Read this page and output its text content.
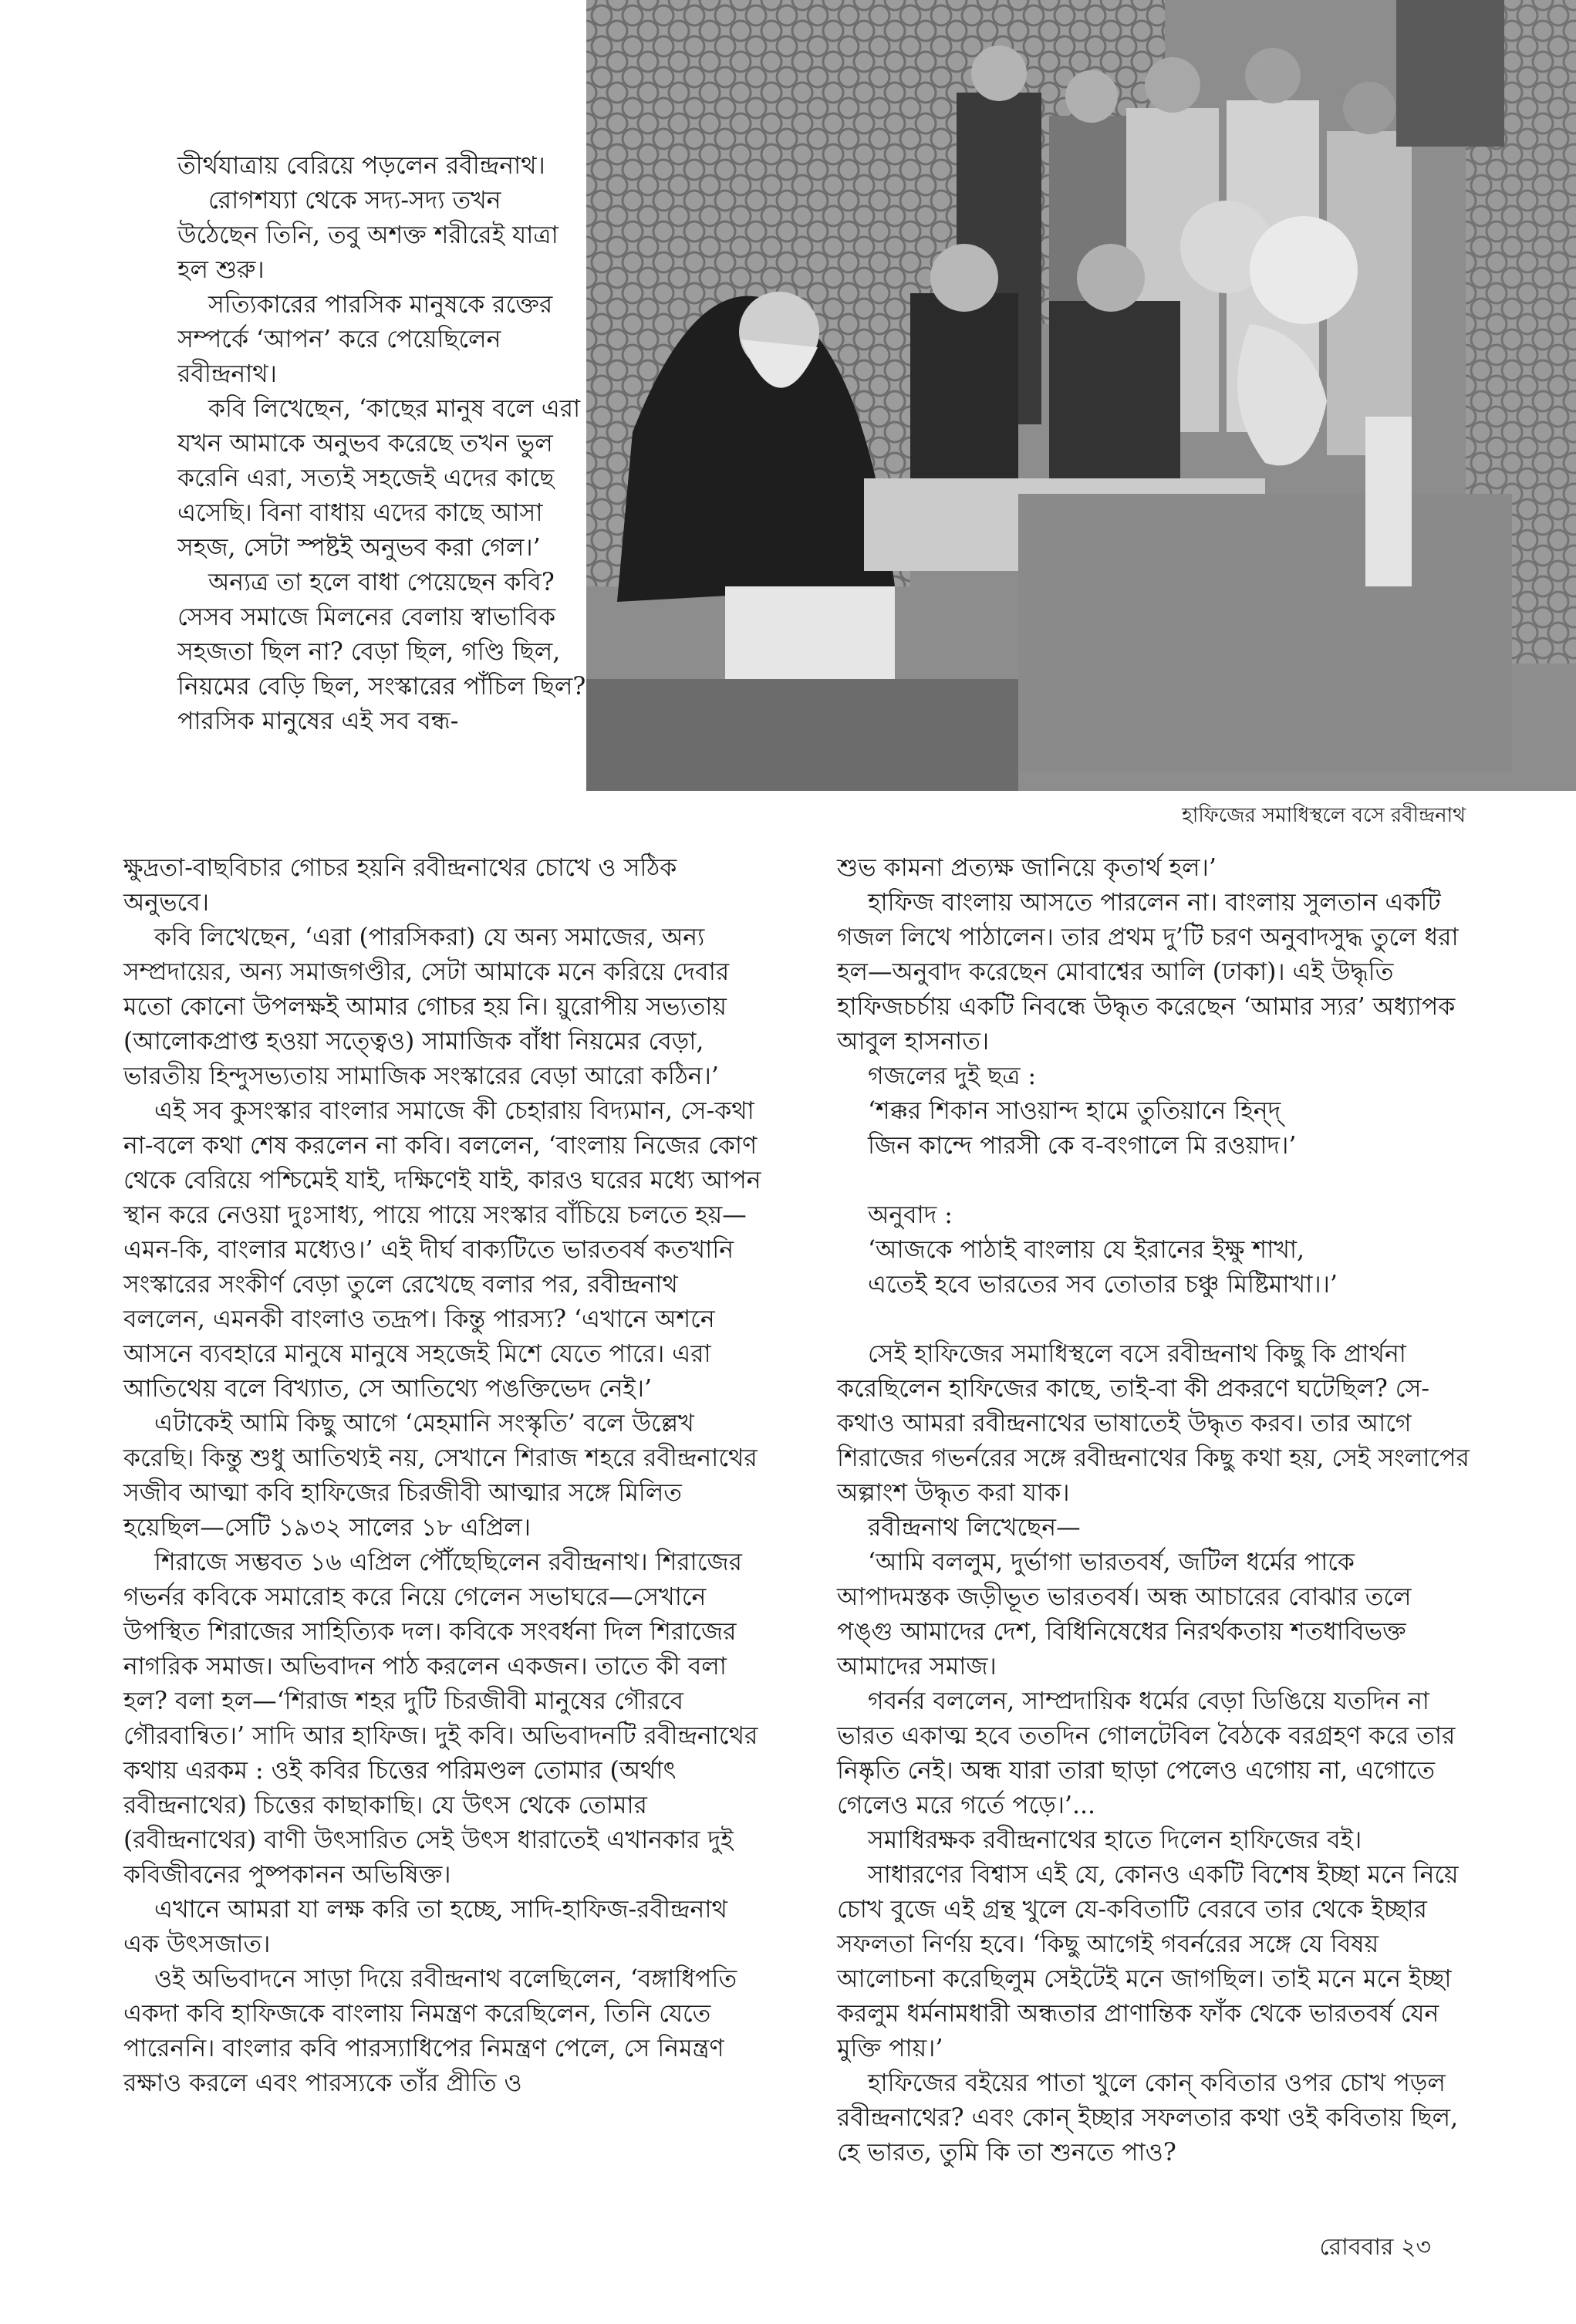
হাফিজের সমাধিস্থলে বসে রবীন্দ্রনাথ

তীর্থযাত্রায় বেরিয়ে পড়লেন রবীন্দ্রনাথ।

রোগশয্যা থেকে সদ্য-সদ্য তখন উঠেছেন তিনি, তবু অশক্ত শরীরেই যাত্রা হল শুরু।

সত্যিকারের পারসিক মানুষকে রক্তের সম্পর্কে ‘আপন’ করে পেয়েছিলেন রবীন্দ্রনাথ।

কবি লিখেছেন, ‘কাছের মানুষ বলে এরা যখন আমাকে অনুভব করেছে তখন ভুল করেনি এরা, সত্যই সহজেই এদের কাছে এসেছি। বিনা বাধায় এদের কাছে আসা সহজ, সেটা স্পষ্টই অনুভব করা গেল।’

অন্যত্র তা হলে বাধা পেয়েছেন কবি? সেসব সমাজে মিলনের বেলায় স্বাভাবিক সহজতা ছিল না? বেড়া ছিল, গণ্ডি ছিল, নিয়মের বেড়ি ছিল, সংস্কারের পাঁচিল ছিল? পারসিক মানুষের এই সব বন্ধ-

ক্ষুদ্রতা-বাছবিচার গোচর হয়নি রবীন্দ্রনাথের চোখে ও সঠিক অনুভবে।

কবি লিখেছেন, ‘এরা (পারসিকরা) যে অন্য সমাজের, অন্য সম্প্রদায়ের, অন্য সমাজগণ্ডীর, সেটা আমাকে মনে করিয়ে দেবার মতো কোনো উপলক্ষই আমার গোচর হয় নি। য়ুরোপীয় সভ্যতায় (আলোকপ্রাপ্ত হওয়া সত্ত্বেও) সামাজিক বাঁধা নিয়মের বেড়া, ভারতীয় হিন্দুসভ্যতায় সামাজিক সংস্কারের বেড়া আরো কঠিন।’

এই সব কুসংস্কার বাংলার সমাজে কী চেহারায় বিদ্যমান, সে-কথা না-বলে কথা শেষ করলেন না কবি। বললেন, ‘বাংলায় নিজের কোণ থেকে বেরিয়ে পশ্চিমেই যাই, দক্ষিণেই যাই, কারও ঘরের মধ্যে আপন স্থান করে নেওয়া দুঃসাধ্য, পায়ে পায়ে সংস্কার বাঁচিয়ে চলতে হয়—এমন-কি, বাংলার মধ্যেও।’ এই দীর্ঘ বাক্যটিতে ভারতবর্ষ কতখানি সংস্কারের সংকীর্ণ বেড়া তুলে রেখেছে বলার পর, রবীন্দ্রনাথ বললেন, এমনকী বাংলাও তদ্রূপ। কিন্তু পারস্য? ‘এখানে অশনে আসনে ব্যবহারে মানুষে মানুষে সহজেই মিশে যেতে পারে। এরা আতিথেয় বলে বিখ্যাত, সে আতিথ্যে পঙক্তিভেদ নেই।’

এটাকেই আমি কিছু আগে ‘মেহমানি সংস্কৃতি’ বলে উল্লেখ করেছি। কিন্তু শুধু আতিথ্যই নয়, সেখানে শিরাজ শহরে রবীন্দ্রনাথের সজীব আত্মা কবি হাফিজের চিরজীবী আত্মার সঙ্গে মিলিত হয়েছিল—সেটি ১৯৩২ সালের ১৮ এপ্রিল।

শিরাজে সম্ভবত ১৬ এপ্রিল পৌঁছেছিলেন রবীন্দ্রনাথ। শিরাজের গভর্নর কবিকে সমারোহ করে নিয়ে গেলেন সভাঘরে—সেখানে উপস্থিত শিরাজের সাহিত্যিক দল। কবিকে সংবর্ধনা দিল শিরাজের নাগরিক সমাজ। অভিবাদন পাঠ করলেন একজন। তাতে কী বলা হল? বলা হল—‘শিরাজ শহর দুটি চিরজীবী মানুষের গৌরবে গৌরবান্বিত।’ সাদি আর হাফিজ। দুই কবি। অভিবাদনটি রবীন্দ্রনাথের কথায় এরকম : ওই কবির চিত্তের পরিমণ্ডল তোমার (অর্থাৎ রবীন্দ্রনাথের) চিত্তের কাছাকাছি। যে উৎস থেকে তোমার (রবীন্দ্রনাথের) বাণী উৎসারিত সেই উৎস ধারাতেই এখানকার দুই কবিজীবনের পুষ্পকানন অভিষিক্ত।

এখানে আমরা যা লক্ষ করি তা হচ্ছে, সাদি-হাফিজ-রবীন্দ্রনাথ এক উৎসজাত।

ওই অভিবাদনে সাড়া দিয়ে রবীন্দ্রনাথ বলেছিলেন, ‘বঙ্গাধিপতি একদা কবি হাফিজকে বাংলায় নিমন্ত্রণ করেছিলেন, তিনি যেতে পারেননি। বাংলার কবি পারস্যাধিপের নিমন্ত্রণ পেলে, সে নিমন্ত্রণ রক্ষাও করলে এবং পারস্যকে তাঁর প্রীতি ও

শুভ কামনা প্রত্যক্ষ জানিয়ে কৃতার্থ হল।’

হাফিজ বাংলায় আসতে পারলেন না। বাংলায় সুলতান একটি গজল লিখে পাঠালেন। তার প্রথম দু’টি চরণ অনুবাদসুদ্ধ তুলে ধরা হল—অনুবাদ করেছেন মোবাশ্বের আলি (ঢাকা)। এই উদ্ধৃতি হাফিজচর্চায় একটি নিবন্ধে উদ্ধৃত করেছেন ‘আমার স্যর’ অধ্যাপক আবুল হাসনাত।

গজলের দুই ছত্র :

‘শক্কর শিকান সাওয়ান্দ হামে তুতিয়ানে হিন্দ্

জিন কান্দে পারসী কে ব-বংগালে মি রওয়াদ।’

অনুবাদ :

‘আজকে পাঠাই বাংলায় যে ইরানের ইক্ষু শাখা,

এতেই হবে ভারতের সব তোতার চঞ্চু মিষ্টিমাখা।।’

সেই হাফিজের সমাধিস্থলে বসে রবীন্দ্রনাথ কিছু কি প্রার্থনা করেছিলেন হাফিজের কাছে, তাই-বা কী প্রকরণে ঘটেছিল? সে-কথাও আমরা রবীন্দ্রনাথের ভাষাতেই উদ্ধৃত করব। তার আগে শিরাজের গভর্নরের সঙ্গে রবীন্দ্রনাথের কিছু কথা হয়, সেই সংলাপের অল্পাংশ উদ্ধৃত করা যাক।

রবীন্দ্রনাথ লিখেছেন—

‘আমি বললুম, দুর্ভাগা ভারতবর্ষ, জটিল ধর্মের পাকে আপাদমস্তক জড়ীভূত ভারতবর্ষ। অন্ধ আচারের বোঝার তলে পঙ্গু আমাদের দেশ, বিধিনিষেধের নিরর্থকতায় শতধাবিভক্ত আমাদের সমাজ।

গবর্নর বললেন, সাম্প্রদায়িক ধর্মের বেড়া ডিঙিয়ে যতদিন না ভারত একাত্ম হবে ততদিন গোলটেবিল বৈঠকে বরগ্রহণ করে তার নিষ্কৃতি নেই। অন্ধ যারা তারা ছাড়া পেলেও এগোয় না, এগোতে গেলেও মরে গর্তে পড়ে।’...

সমাধিরক্ষক রবীন্দ্রনাথের হাতে দিলেন হাফিজের বই।

সাধারণের বিশ্বাস এই যে, কোনও একটি বিশেষ ইচ্ছা মনে নিয়ে চোখ বুজে এই গ্রন্থ খুলে যে-কবিতাটি বেরবে তার থেকে ইচ্ছার সফলতা নির্ণয় হবে। ‘কিছু আগেই গবর্নরের সঙ্গে যে বিষয় আলোচনা করেছিলুম সেইটেই মনে জাগছিল। তাই মনে মনে ইচ্ছা করলুম ধর্মনামধারী অন্ধতার প্রাণান্তিক ফাঁক থেকে ভারতবর্ষ যেন মুক্তি পায়।’

হাফিজের বইয়ের পাতা খুলে কোন্ কবিতার ওপর চোখ পড়ল রবীন্দ্রনাথের? এবং কোন্ ইচ্ছার সফলতার কথা ওই কবিতায় ছিল, হে ভারত, তুমি কি তা শুনতে পাও?

রোববার ২৩
